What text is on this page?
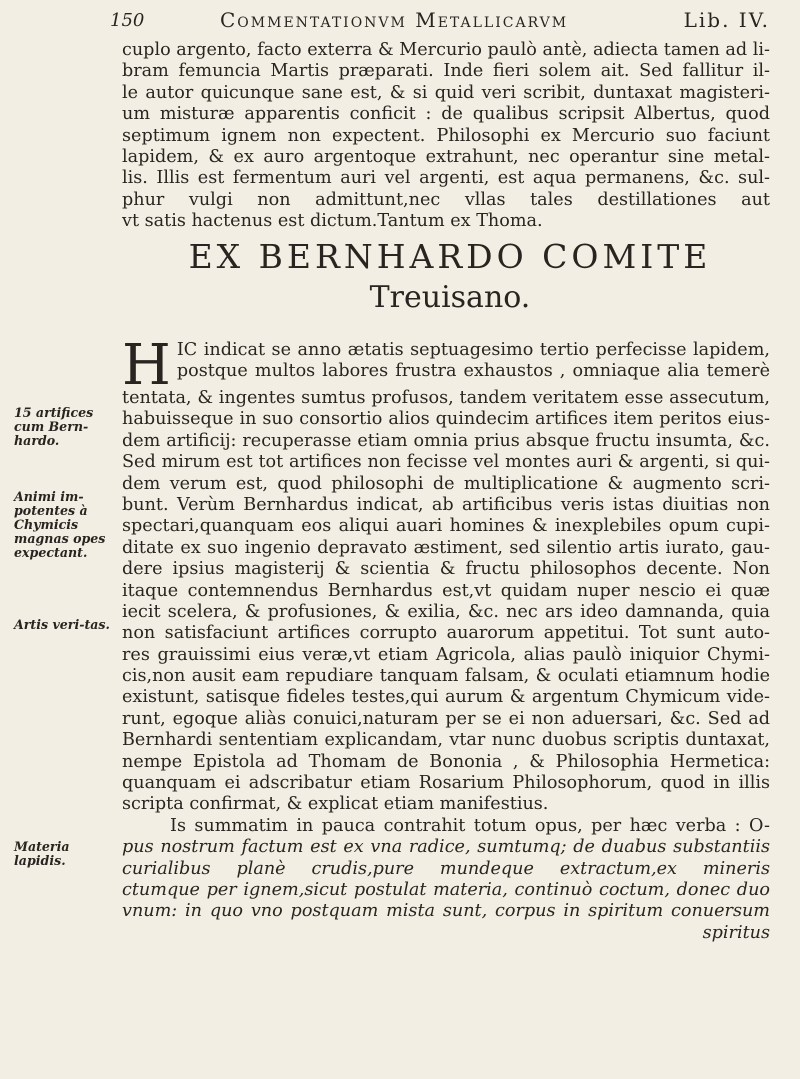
150	Commentationvm Metallicarvm	Lib. IV.
cuplo argento, facto exterra & Mercurio paulò antè, adiecta tamen ad li-
bram femuncia Martis præparati. Inde fieri solem ait. Sed fallitur il-
le autor quicunque sane est, & si quid veri scribit, duntaxat magisteri-
um misturæ apparentis conficit : de qualibus scripsit Albertus, quod
septimum ignem non expectent. Philosophi ex Mercurio suo faciunt
lapidem, & ex auro argentoque extrahunt, nec operantur sine metal-
lis. Illis est fermentum auri vel argenti, est aqua permanens, &c. sul-
phur vulgi non admittunt,nec vllas tales destillationes aut
vt satis hactenus est dictum.Tantum ex Thoma.
EX BERNHARDO COMITE
Treuisano.
H IC indicat se anno ætatis septuagesimo tertio perfecisse lapidem,
postque multos labores frustra exhaustos , omniaque alia temerè
tentata, & ingentes sumtus profusos, tandem veritatem esse assecutum,
habuisseque in suo consortio alios quindecim artifices item peritos eius-
dem artificij: recuperasse etiam omnia prius absque fructu insumta, &c.
Sed mirum est tot artifices non fecisse vel montes auri & argenti, si qui-
dem verum est, quod philosophi de multiplicatione & augmento scri-
bunt. Verùm Bernhardus indicat, ab artificibus veris istas diuitias non
spectari,quanquam eos aliqui auari homines & inexplebiles opum cupi-
ditate ex suo ingenio depravato æstiment, sed silentio artis iurato, gau-
dere ipsius magisterij & scientia & fructu philosophos decente. Non
itaque contemnendus Bernhardus est,vt quidam nuper nescio ei quæ
iecit scelera, & profusiones, & exilia, &c. nec ars ideo damnanda, quia
non satisfaciunt artifices corrupto auarorum appetitui. Tot sunt auto-
res grauissimi eius veræ,vt etiam Agricola, alias paulò iniquior Chymi-
cis,non ausit eam repudiare tanquam falsam, & oculati etiamnum hodie
existunt, satisque fideles testes,qui aurum & argentum Chymicum vide-
runt, egoque aliàs conuici,naturam per se ei non aduersari, &c. Sed ad
Bernhardi sententiam explicandam, vtar nunc duobus scriptis duntaxat,
nempe Epistola ad Thomam de Bononia , & Philosophia Hermetica:
quanquam ei adscribatur etiam Rosarium Philosophorum, quod in illis
scripta confirmat, & explicat etiam manifestius.
Is summatim in pauca contrahit totum opus, per hæc verba : O-
pus nostrum factum est ex vna radice, sumtumq; de duabus substantiis
curialibus planè crudis,pure mundeque extractum,ex mineris
ctumque per ignem,sicut postulat materia, continuò coctum, donec duo
vnum: in quo vno postquam mista sunt, corpus in spiritum conuersum
spiritus
15 artifices cum Bern-hardo.
Animi im-potentes à Chymicis magnas opes expectant.
Artis veri-tas.
Materia lapidis.
